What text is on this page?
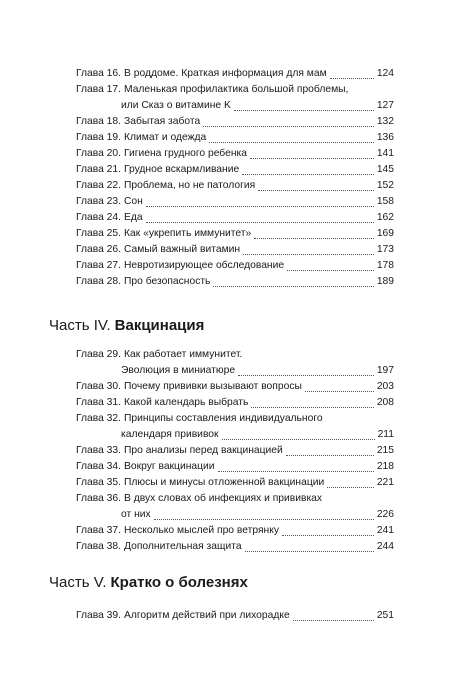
Глава 16. В роддоме. Краткая информация для мам	124
Глава 17. Маленькая профилактика большой проблемы,
или Сказ о витамине K	127
Глава 18. Забытая забота	132
Глава 19. Климат и одежда	136
Глава 20. Гигиена грудного ребенка	141
Глава 21. Грудное вскармливание	145
Глава 22. Проблема, но не патология	152
Глава 23. Сон	158
Глава 24. Еда	162
Глава 25. Как «укрепить иммунитет»	169
Глава 26. Самый важный витамин	173
Глава 27. Невротизирующее обследование	178
Глава 28. Про безопасность	189
Часть IV. Вакцинация
Глава 29. Как работает иммунитет.
Эволюция в миниатюре	197
Глава 30. Почему прививки вызывают вопросы	203
Глава 31. Какой календарь выбрать	208
Глава 32. Принципы составления индивидуального
календаря прививок	211
Глава 33. Про анализы перед вакцинацией	215
Глава 34. Вокруг вакцинации	218
Глава 35. Плюсы и минусы отложенной вакцинации	221
Глава 36. В двух словах об инфекциях и прививках
от них	226
Глава 37. Несколько мыслей про ветрянку	241
Глава 38. Дополнительная защита	244
Часть V. Кратко о болезнях
Глава 39. Алгоритм действий при лихорадке	251
